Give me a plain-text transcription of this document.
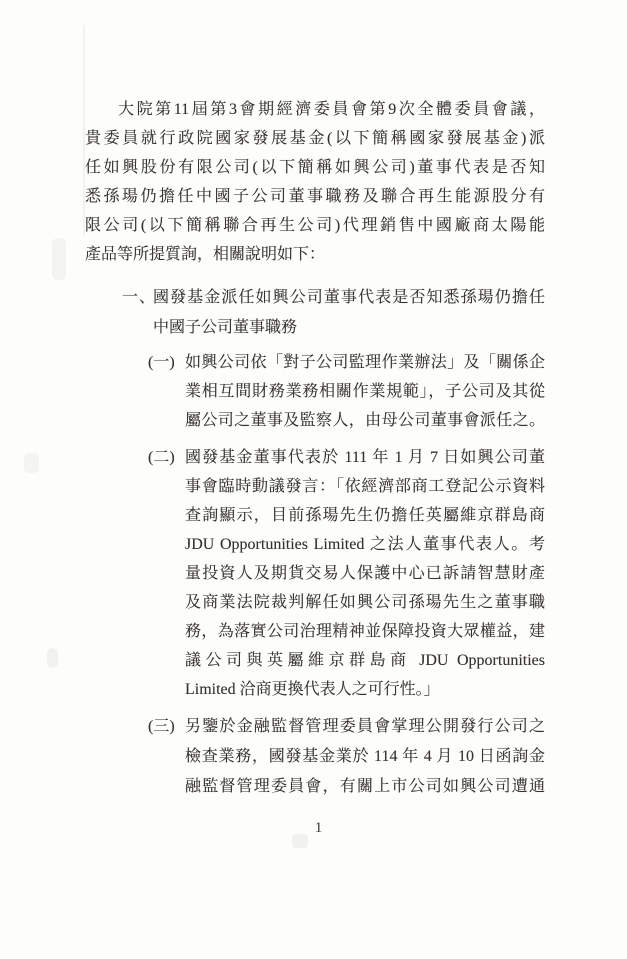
大院第11屆第3會期經濟委員會第9次全體委員會議，
貴委員就行政院國家發展基金(以下簡稱國家發展基金)派
任如興股份有限公司(以下簡稱如興公司)董事代表是否知
悉孫瑒仍擔任中國子公司董事職務及聯合再生能源股分有
限公司(以下簡稱聯合再生公司)代理銷售中國廠商太陽能
產品等所提質詢，相關說明如下：
一、
國發基金派任如興公司董事代表是否知悉孫瑒仍擔任
中國子公司董事職務
(一) 如興公司依「對子公司監理作業辦法」及「關係企
業相互間財務業務相關作業規範」，子公司及其從
屬公司之董事及監察人，由母公司董事會派任之。
(二) 國發基金董事代表於 111 年 1 月 7 日如興公司董
事會臨時動議發言：「依經濟部商工登記公示資料
查詢顯示，目前孫瑒先生仍擔任英屬維京群島商
JDU Opportunities Limited 之法人董事代表人。考
量投資人及期貨交易人保護中心已訴請智慧財產
及商業法院裁判解任如興公司孫瑒先生之董事職
務，為落實公司治理精神並保障投資大眾權益，建
議公司與英屬維京群島商 JDU Opportunities
Limited 洽商更換代表人之可行性。」
(三) 另鑒於金融監督管理委員會掌理公開發行公司之
檢查業務，國發基金業於 114 年 4 月 10 日函詢金
融監督管理委員會，有關上市公司如興公司遭通
1
